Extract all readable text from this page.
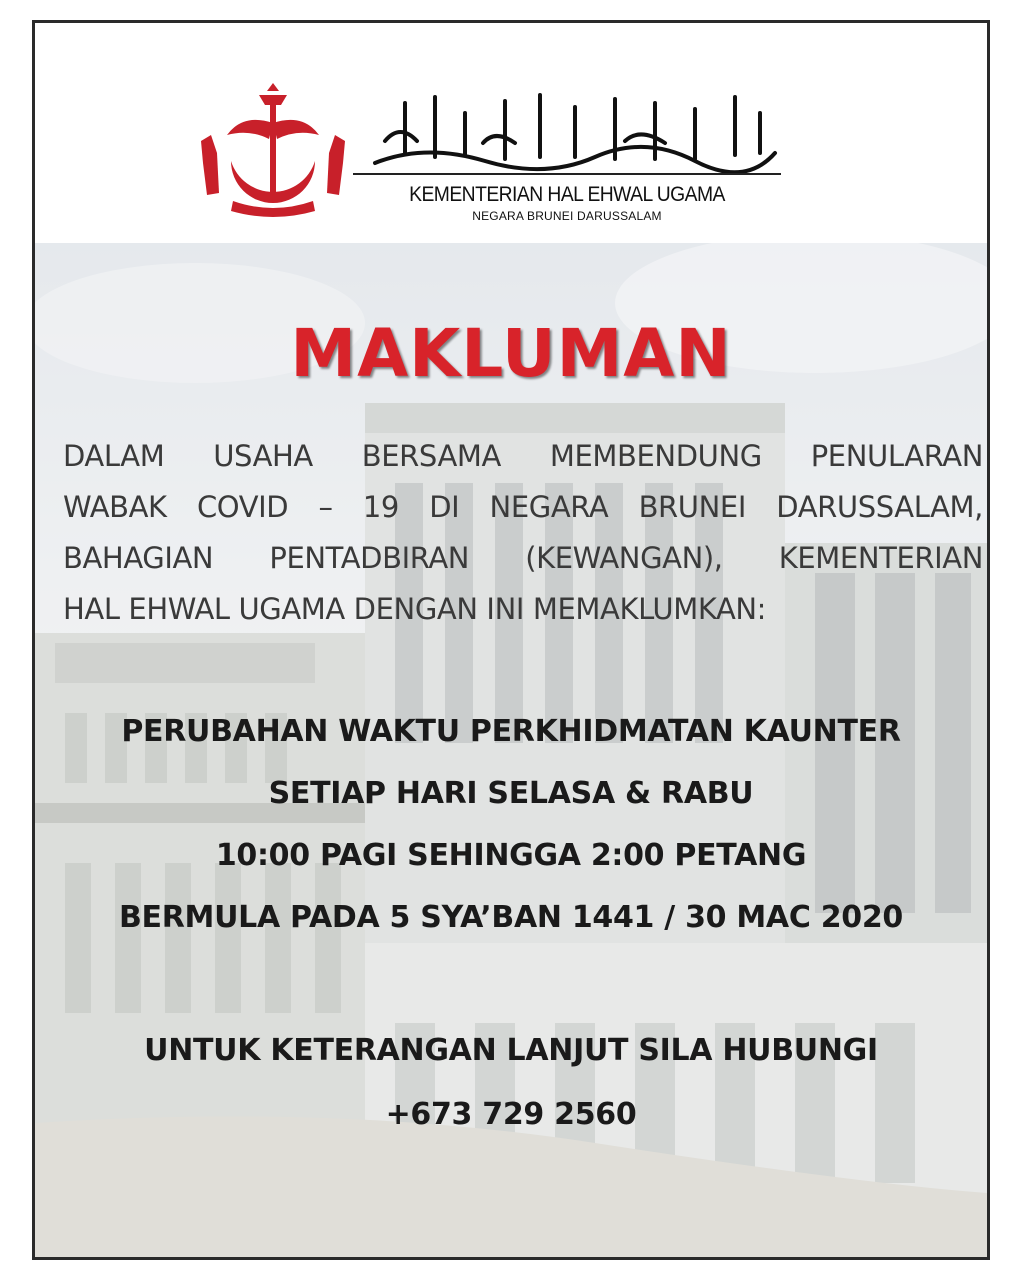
KEMENTERIAN HAL EHWAL UGAMA
NEGARA BRUNEI DARUSSALAM
MAKLUMAN
DALAM USAHA BERSAMA MEMBENDUNG PENULARAN
WABAK COVID – 19 DI NEGARA BRUNEI DARUSSALAM,
BAHAGIAN PENTADBIRAN (KEWANGAN), KEMENTERIAN
HAL EHWAL UGAMA DENGAN INI MEMAKLUMKAN:
PERUBAHAN WAKTU PERKHIDMATAN KAUNTER
SETIAP HARI SELASA & RABU
10:00 PAGI SEHINGGA 2:00 PETANG
BERMULA PADA 5 SYA’BAN 1441 / 30 MAC 2020
UNTUK KETERANGAN LANJUT SILA HUBUNGI
+673 729 2560
